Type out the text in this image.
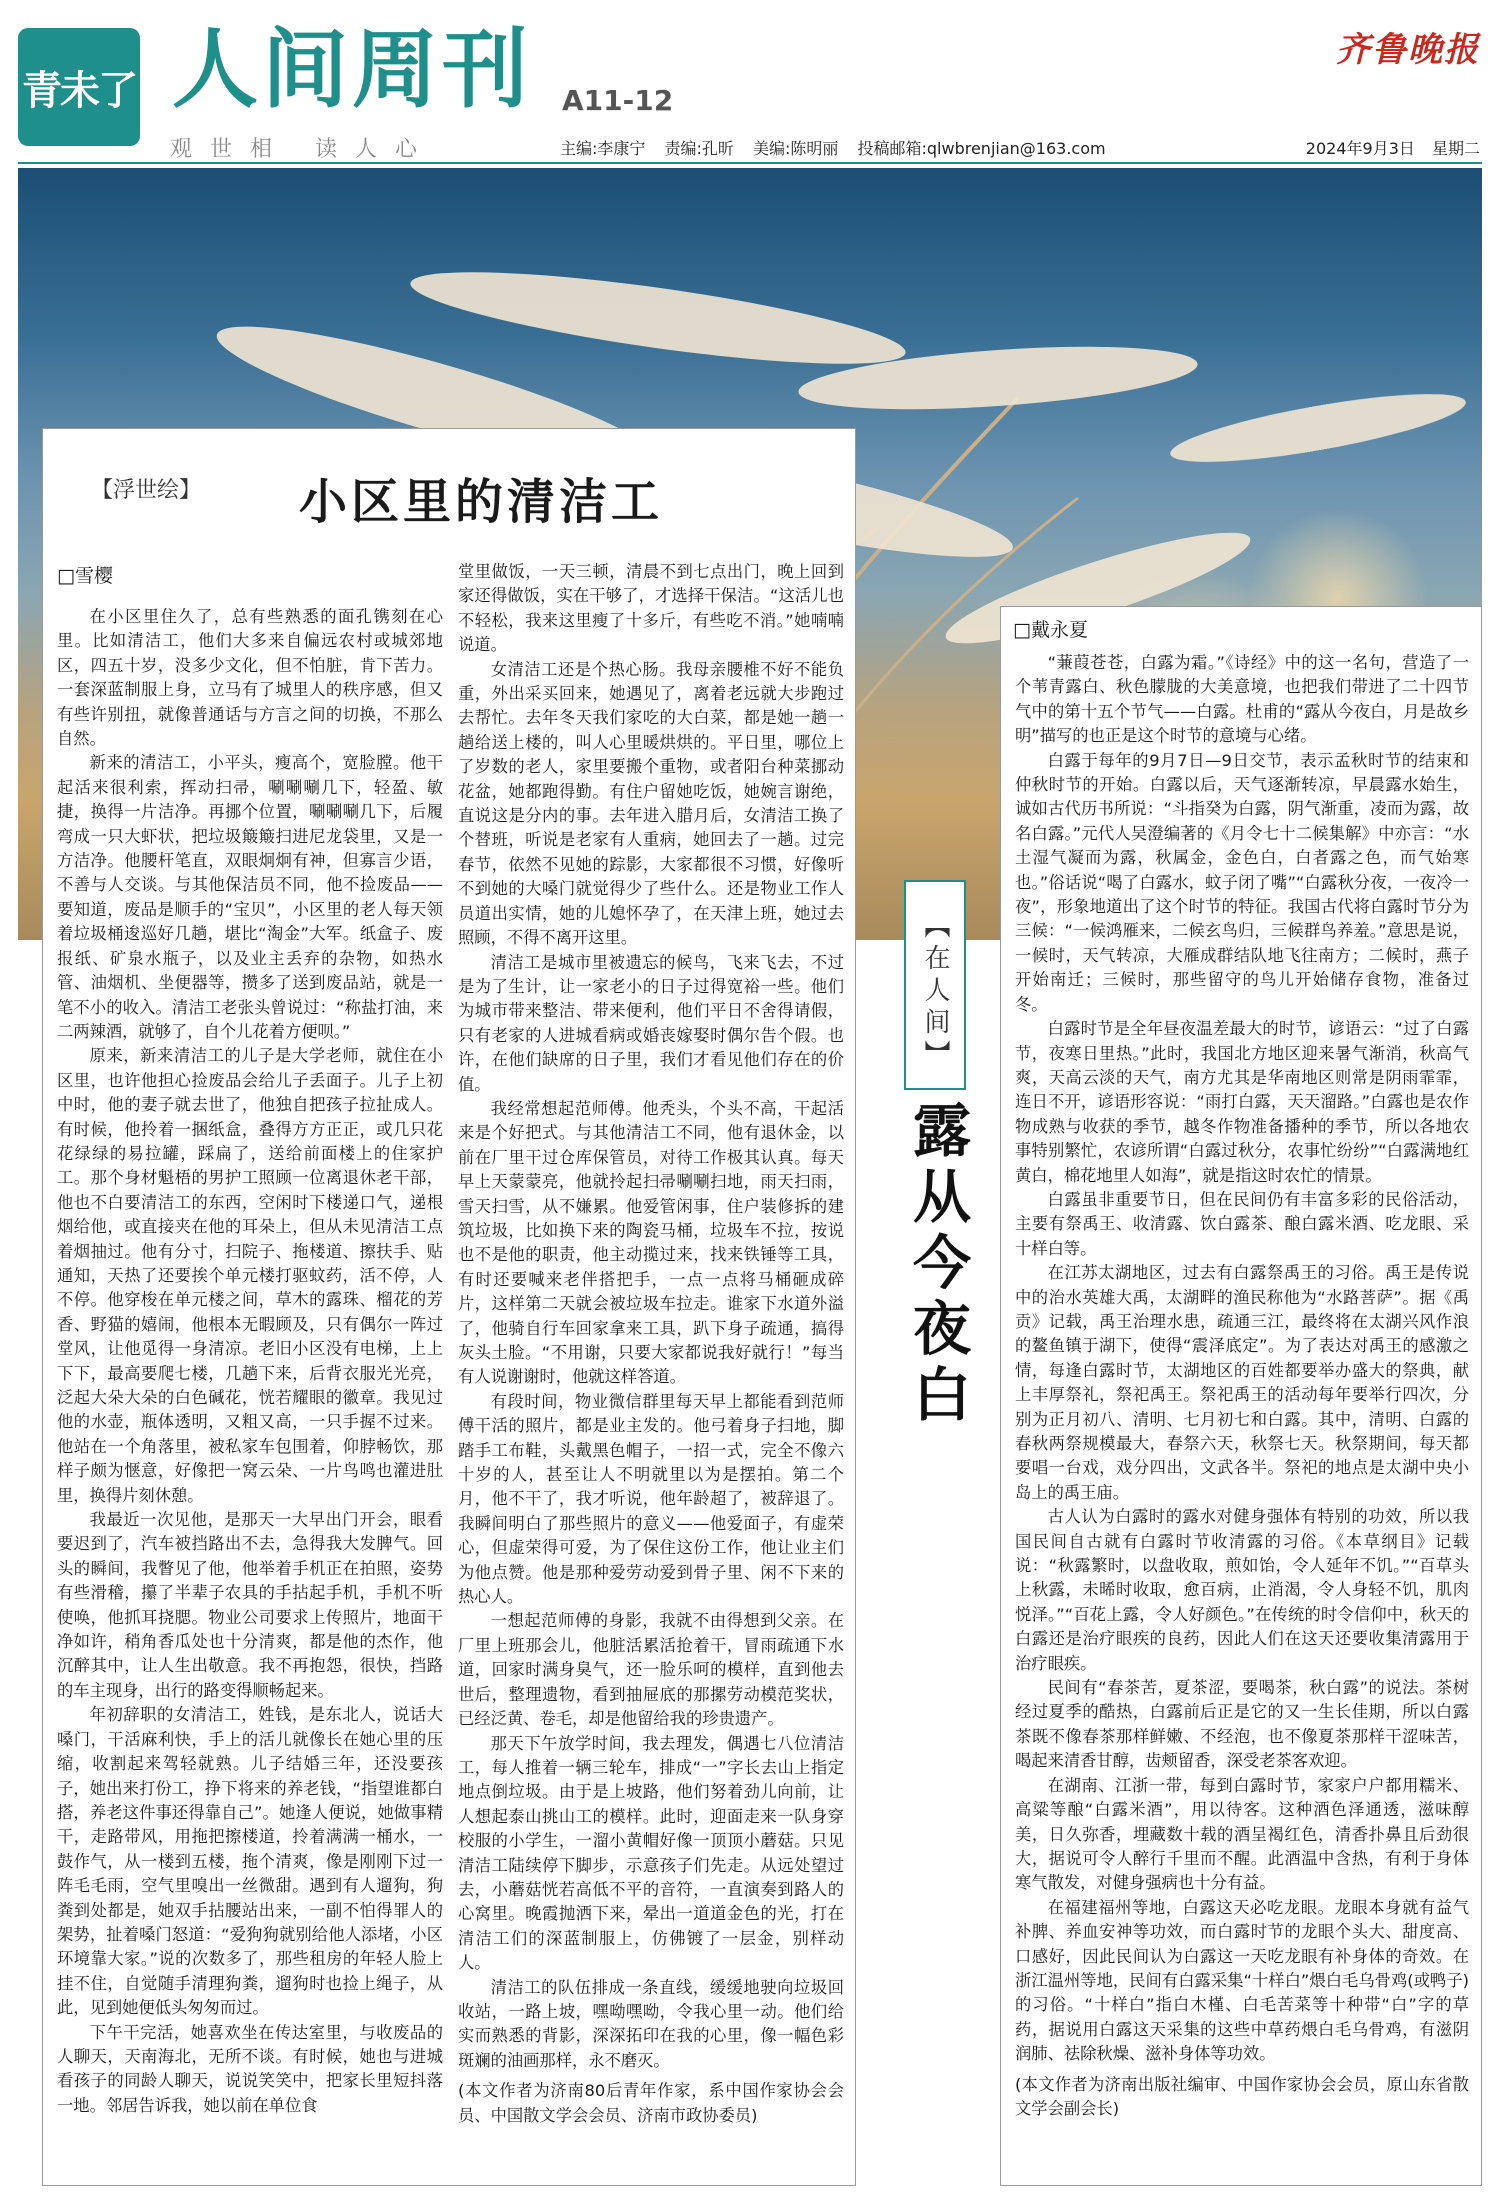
青未了 人间周刊 A11-12
齐鲁晚报
观世相 读人心	主编:李康宁 责编:孔昕 美编:陈明丽 投稿邮箱:qlwbrenjian@163.com	2024年9月3日 星期二
【浮世绘】 小区里的清洁工
□雪樱

在小区里住久了，总有些熟悉的面孔镌刻在心里。比如清洁工，他们大多来自偏远农村或城郊地区，四五十岁，没多少文化，但不怕脏，肯下苦力。一套深蓝制服上身，立马有了城里人的秩序感，但又有些许别扭，就像普通话与方言之间的切换，不那么自然。

新来的清洁工，小平头，瘦高个，宽脸膛。他干起活来很利索，挥动扫帚，唰唰唰几下，轻盈、敏捷，换得一片洁净。再挪个位置，唰唰唰几下，后履弯成一只大虾状，把垃圾簸簸扫进尼龙袋里，又是一方洁净。他腰杆笔直，双眼炯炯有神，但寡言少语，不善与人交谈。与其他保洁员不同，他不捡废品——要知道，废品是顺手的“宝贝”，小区里的老人每天领着垃圾桶逡巡好几趟，堪比“淘金”大军。纸盒子、废报纸、矿泉水瓶子，以及业主丢弃的杂物，如热水管、油烟机、坐便器等，攒多了送到废品站，就是一笔不小的收入。清洁工老张头曾说过：“称盐打油，来二两辣酒，就够了，自个儿花着方便呗。”

原来，新来清洁工的儿子是大学老师，就住在小区里，也许他担心捡废品会给儿子丢面子。儿子上初中时，他的妻子就去世了，他独自把孩子拉扯成人。有时候，他拎着一捆纸盒，叠得方方正正，或几只花花绿绿的易拉罐，踩扁了，送给前面楼上的住家护工。那个身材魁梧的男护工照顾一位离退休老干部，他也不白要清洁工的东西，空闲时下楼递口气，递根烟给他，或直接夹在他的耳朵上，但从未见清洁工点着烟抽过。他有分寸，扫院子、拖楼道、擦扶手、贴通知，天热了还要挨个单元楼打驱蚊药，活不停，人不停。他穿梭在单元楼之间，草木的露珠、榴花的芳香、野猫的嬉闹，他根本无暇顾及，只有偶尔一阵过堂风，让他觅得一身清凉。老旧小区没有电梯，上上下下，最高要爬七楼，几趟下来，后背衣服光光亮，泛起大朵大朵的白色碱花，恍若耀眼的徽章。我见过他的水壶，瓶体透明，又粗又高，一只手握不过来。他站在一个角落里，被私家车包围着，仰脖畅饮，那样子颇为惬意，好像把一窝云朵、一片鸟鸣也灌进肚里，换得片刻休憩。

我最近一次见他，是那天一大早出门开会，眼看要迟到了，汽车被挡路出不去，急得我大发脾气。回头的瞬间，我瞥见了他，他举着手机正在拍照，姿势有些滑稽，攥了半辈子农具的手拈起手机，手机不听使唤，他抓耳挠腮。物业公司要求上传照片，地面干净如许，稍角香瓜处也十分清爽，都是他的杰作，他沉醉其中，让人生出敬意。我不再抱怨，很快，挡路的车主现身，出行的路变得顺畅起来。

年初辞职的女清洁工，姓钱，是东北人，说话大嗓门，干活麻利快，手上的活儿就像长在她心里的压缩，收割起来驾轻就熟。儿子结婚三年，还没要孩子，她出来打份工，挣下将来的养老钱，“指望谁都白搭，养老这件事还得靠自己”。她逢人便说，她做事精干，走路带风，用拖把擦楼道，拎着满满一桶水，一鼓作气，从一楼到五楼，拖个清爽，像是刚刚下过一阵毛毛雨，空气里嗅出一丝微甜。遇到有人遛狗，狗粪到处都是，她双手拈腰站出来，一副不怕得罪人的架势，扯着嗓门怒道：“爱狗狗就别给他人添堵，小区环境靠大家。”说的次数多了，那些租房的年轻人脸上挂不住，自觉随手清理狗粪，遛狗时也捡上绳子，从此，见到她便低头匆匆而过。

下午干完活，她喜欢坐在传达室里，与收废品的人聊天，天南海北，无所不谈。有时候，她也与进城看孩子的同龄人聊天，说说笑笑中，把家长里短抖落一地。邻居告诉我，她以前在单位食

堂里做饭，一天三顿，清晨不到七点出门，晚上回到家还得做饭，实在干够了，才选择干保洁。“这活儿也不轻松，我来这里瘦了十多斤，有些吃不消。”她喃喃说道。

女清洁工还是个热心肠。我母亲腰椎不好不能负重，外出采买回来，她遇见了，离着老远就大步跑过去帮忙。去年冬天我们家吃的大白菜，都是她一趟一趟给送上楼的，叫人心里暖烘烘的。平日里，哪位上了岁数的老人，家里要搬个重物，或者阳台种菜挪动花盆，她都跑得勤。有住户留她吃饭，她婉言谢绝，直说这是分内的事。去年进入腊月后，女清洁工换了个替班，听说是老家有人重病，她回去了一趟。过完春节，依然不见她的踪影，大家都很不习惯，好像听不到她的大嗓门就觉得少了些什么。还是物业工作人员道出实情，她的儿媳怀孕了，在天津上班，她过去照顾，不得不离开这里。

清洁工是城市里被遗忘的候鸟，飞来飞去，不过是为了生计，让一家老小的日子过得宽裕一些。他们为城市带来整洁、带来便利，他们平日不舍得请假，只有老家的人进城看病或婚丧嫁娶时偶尔告个假。也许，在他们缺席的日子里，我们才看见他们存在的价值。

我经常想起范师傅。他秃头，个头不高，干起活来是个好把式。与其他清洁工不同，他有退休金，以前在厂里干过仓库保管员，对待工作极其认真。每天早上天蒙蒙亮，他就拎起扫帚唰唰扫地，雨天扫雨，雪天扫雪，从不嫌累。他爱管闲事，住户装修拆的建筑垃圾，比如换下来的陶瓷马桶，垃圾车不拉，按说也不是他的职责，他主动揽过来，找来铁锤等工具，有时还要喊来老伴搭把手，一点一点将马桶砸成碎片，这样第二天就会被垃圾车拉走。谁家下水道外溢了，他骑自行车回家拿来工具，趴下身子疏通，搞得灰头土脸。“不用谢，只要大家都说我好就行！”每当有人说谢谢时，他就这样答道。

有段时间，物业微信群里每天早上都能看到范师傅干活的照片，都是业主发的。他弓着身子扫地，脚踏手工布鞋，头戴黑色帽子，一招一式，完全不像六十岁的人，甚至让人不明就里以为是摆拍。第二个月，他不干了，我才听说，他年龄超了，被辞退了。我瞬间明白了那些照片的意义——他爱面子，有虚荣心，但虚荣得可爱，为了保住这份工作，他让业主们为他点赞。他是那种爱劳动爱到骨子里、闲不下来的热心人。

一想起范师傅的身影，我就不由得想到父亲。在厂里上班那会儿，他脏活累活抢着干，冒雨疏通下水道，回家时满身臭气，还一脸乐呵的模样，直到他去世后，整理遗物，看到抽屉底的那摞劳动模范奖状，已经泛黄、卷毛，却是他留给我的珍贵遗产。

那天下午放学时间，我去理发，偶遇七八位清洁工，每人推着一辆三轮车，排成“一”字长去山上指定地点倒垃圾。由于是上坡路，他们努着劲儿向前，让人想起泰山挑山工的模样。此时，迎面走来一队身穿校服的小学生，一溜小黄帽好像一顶顶小蘑菇。只见清洁工陆续停下脚步，示意孩子们先走。从远处望过去，小蘑菇恍若高低不平的音符，一直演奏到路人的心窝里。晚霞抛洒下来，晕出一道道金色的光，打在清洁工们的深蓝制服上，仿佛镀了一层金，别样动人。

清洁工的队伍排成一条直线，缓缓地驶向垃圾回收站，一路上坡，嘿呦嘿呦，令我心里一动。他们给实而熟悉的背影，深深拓印在我的心里，像一幅色彩斑斓的油画那样，永不磨灭。

(本文作者为济南80后青年作家，系中国作家协会会员、中国散文学会会员、济南市政协委员)

【在人间】
露从今夜白
□戴永夏

“蒹葭苍苍，白露为霜。”《诗经》中的这一名句，营造了一个苇青露白、秋色朦胧的大美意境，也把我们带进了二十四节气中的第十五个节气——白露。杜甫的“露从今夜白，月是故乡明”描写的也正是这个时节的意境与心绪。

白露于每年的9月7日—9日交节，表示孟秋时节的结束和仲秋时节的开始。白露以后，天气逐渐转凉，早晨露水始生，诚如古代历书所说：“斗指癸为白露，阴气渐重，凌而为露，故名白露。”元代人吴澄编著的《月令七十二候集解》中亦言：“水土湿气凝而为露，秋属金，金色白，白者露之色，而气始寒也。”俗话说“喝了白露水，蚊子闭了嘴”“白露秋分夜，一夜冷一夜”，形象地道出了这个时节的特征。我国古代将白露时节分为三候：“一候鸿雁来，二候玄鸟归，三候群鸟养羞。”意思是说，一候时，天气转凉，大雁成群结队地飞往南方；二候时，燕子开始南迁；三候时，那些留守的鸟儿开始储存食物，准备过冬。

白露时节是全年昼夜温差最大的时节，谚语云：“过了白露节，夜寒日里热。”此时，我国北方地区迎来暑气渐消，秋高气爽，天高云淡的天气，南方尤其是华南地区则常是阴雨霏霏，连日不开，谚语形容说：“雨打白露，天天溜路。”白露也是农作物成熟与收获的季节，越冬作物准备播种的季节，所以各地农事特别繁忙，农谚所谓“白露过秋分，农事忙纷纷”“白露满地红黄白，棉花地里人如海”，就是指这时农忙的情景。

白露虽非重要节日，但在民间仍有丰富多彩的民俗活动，主要有祭禹王、收清露、饮白露茶、酿白露米酒、吃龙眼、采十样白等。

在江苏太湖地区，过去有白露祭禹王的习俗。禹王是传说中的治水英雄大禹，太湖畔的渔民称他为“水路菩萨”。据《禹贡》记载，禹王治理水患，疏通三江，最终将在太湖兴风作浪的鳌鱼镇于湖下，使得“震泽底定”。为了表达对禹王的感激之情，每逢白露时节，太湖地区的百姓都要举办盛大的祭典，献上丰厚祭礼，祭祀禹王。祭祀禹王的活动每年要举行四次，分别为正月初八、清明、七月初七和白露。其中，清明、白露的春秋两祭规模最大，春祭六天，秋祭七天。秋祭期间，每天都要唱一台戏，戏分四出，文武各半。祭祀的地点是太湖中央小岛上的禹王庙。

古人认为白露时的露水对健身强体有特别的功效，所以我国民间自古就有白露时节收清露的习俗。《本草纲目》记载说：“秋露繁时，以盘收取，煎如饴，令人延年不饥。”“百草头上秋露，未晞时收取，愈百病，止消渴，令人身轻不饥，肌肉悦泽。”“百花上露，令人好颜色。”在传统的时令信仰中，秋天的白露还是治疗眼疾的良药，因此人们在这天还要收集清露用于治疗眼疾。

民间有“春茶苦，夏茶涩，要喝茶，秋白露”的说法。茶树经过夏季的酷热，白露前后正是它的又一生长佳期，所以白露茶既不像春茶那样鲜嫩、不经泡，也不像夏茶那样干涩味苦，喝起来清香甘醇，齿颊留香，深受老茶客欢迎。

在湖南、江浙一带，每到白露时节，家家户户都用糯米、高粱等酿“白露米酒”，用以待客。这种酒色泽通透，滋味醇美，日久弥香，埋藏数十载的酒呈褐红色，清香扑鼻且后劲很大，据说可令人醉行千里而不醒。此酒温中含热，有利于身体寒气散发，对健身强病也十分有益。

在福建福州等地，白露这天必吃龙眼。龙眼本身就有益气补脾、养血安神等功效，而白露时节的龙眼个头大、甜度高、口感好，因此民间认为白露这一天吃龙眼有补身体的奇效。在浙江温州等地，民间有白露采集“十样白”煨白毛乌骨鸡(或鸭子)的习俗。“十样白”指白木槿、白毛苦菜等十种带“白”字的草药，据说用白露这天采集的这些中草药煨白毛乌骨鸡，有滋阴润肺、祛除秋燥、滋补身体等功效。

(本文作者为济南出版社编审、中国作家协会会员，原山东省散文学会副会长)
